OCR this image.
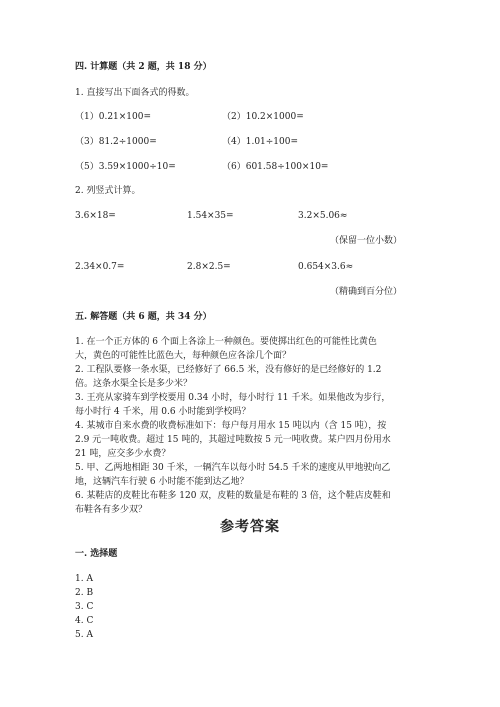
四. 计算题（共 2 题，共 18 分）
1. 直接写出下面各式的得数。
（1）0.21×100=	（2）10.2×1000=
（3）81.2÷1000=	（4）1.01÷100=
（5）3.59×1000÷10=	（6）601.58÷100×10=
2. 列竖式计算。
3.6×18=	1.54×35=	3.2×5.06≈
（保留一位小数）
2.34×0.7=	2.8×2.5=	0.654×3.6≈
（精确到百分位）
五. 解答题（共 6 题，共 34 分）
1. 在一个正方体的 6 个面上各涂上一种颜色。要使掷出红色的可能性比黄色
大，黄色的可能性比蓝色大，每种颜色应各涂几个面？
2. 工程队要修一条水渠，已经修好了 66.5 米，没有修好的是已经修好的 1.2
倍。这条水渠全长是多少米？
3. 王亮从家骑车到学校要用 0.34 小时，每小时行 11 千米。如果他改为步行，
每小时行 4 千米，用 0.6 小时能到学校吗？
4. 某城市自来水费的收费标准如下：每户每月用水 15 吨以内（含 15 吨），按
2.9 元一吨收费。超过 15 吨的，其超过吨数按 5 元一吨收费。某户四月份用水
21 吨，应交多少水费？
5. 甲、乙两地相距 30 千米，一辆汽车以每小时 54.5 千米的速度从甲地驶向乙
地，这辆汽车行驶 6 小时能不能到达乙地？
6. 某鞋店的皮鞋比布鞋多 120 双，皮鞋的数量是布鞋的 3 倍，这个鞋店皮鞋和
布鞋各有多少双？
参考答案
一. 选择题
1. A
2. B
3. C
4. C
5. A
